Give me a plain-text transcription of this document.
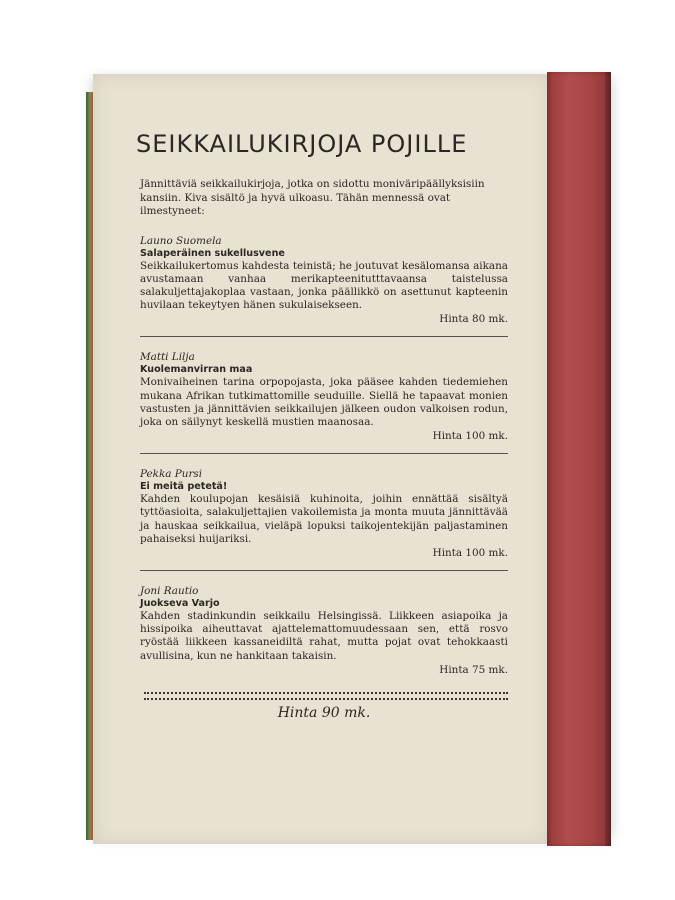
SEIKKAILUKIRJOJA POJILLE
Jännittäviä seikkailukirjoja, jotka on sidottu moniväripäällyksisiin kansiin. Kiva sisältö ja hyvä ulkoasu. Tähän mennessä ovat ilmestyneet:
Launo Suomela
Salaperäinen sukellusvene
Seikkailukertomus kahdesta teinistä; he joutuvat kesälomansa aikana avustamaan vanhaa merikapteenitutttavaansa taistelussa salakuljettajakoplaa vastaan, jonka päällikkö on asettunut kapteenin huvilaan tekeytyen hänen sukulaisekseen.
Hinta 80 mk.
Matti Lilja
Kuolemanvirran maa
Monivaiheinen tarina orpopojasta, joka pääsee kahden tiedemiehen mukana Afrikan tutkimattomille seuduille. Siellä he tapaavat monien vastusten ja jännittävien seikkailujen jälkeen oudon valkoisen rodun, joka on säilynyt keskellä mustien maanosaa.
Hinta 100 mk.
Pekka Pursi
Ei meitä petetä!
Kahden koulupojan kesäisiä kuhinoita, joihin ennättää sisältyä tyttöasioita, salakuljettajien vakoilemista ja monta muuta jännittävää ja hauskaa seikkailua, vieläpä lopuksi taikojentekijän paljastaminen pahaiseksi huijariksi.
Hinta 100 mk.
Joni Rautio
Juokseva Varjo
Kahden stadinkundin seikkailu Helsingissä. Liikkeen asiapoika ja hissipoika aiheuttavat ajattelemattomuudessaan sen, että rosvo ryöstää liikkeen kassaneidiltä rahat, mutta pojat ovat tehokkaasti avullisina, kun ne hankitaan takaisin.
Hinta 75 mk.
Hinta 90 mk.
